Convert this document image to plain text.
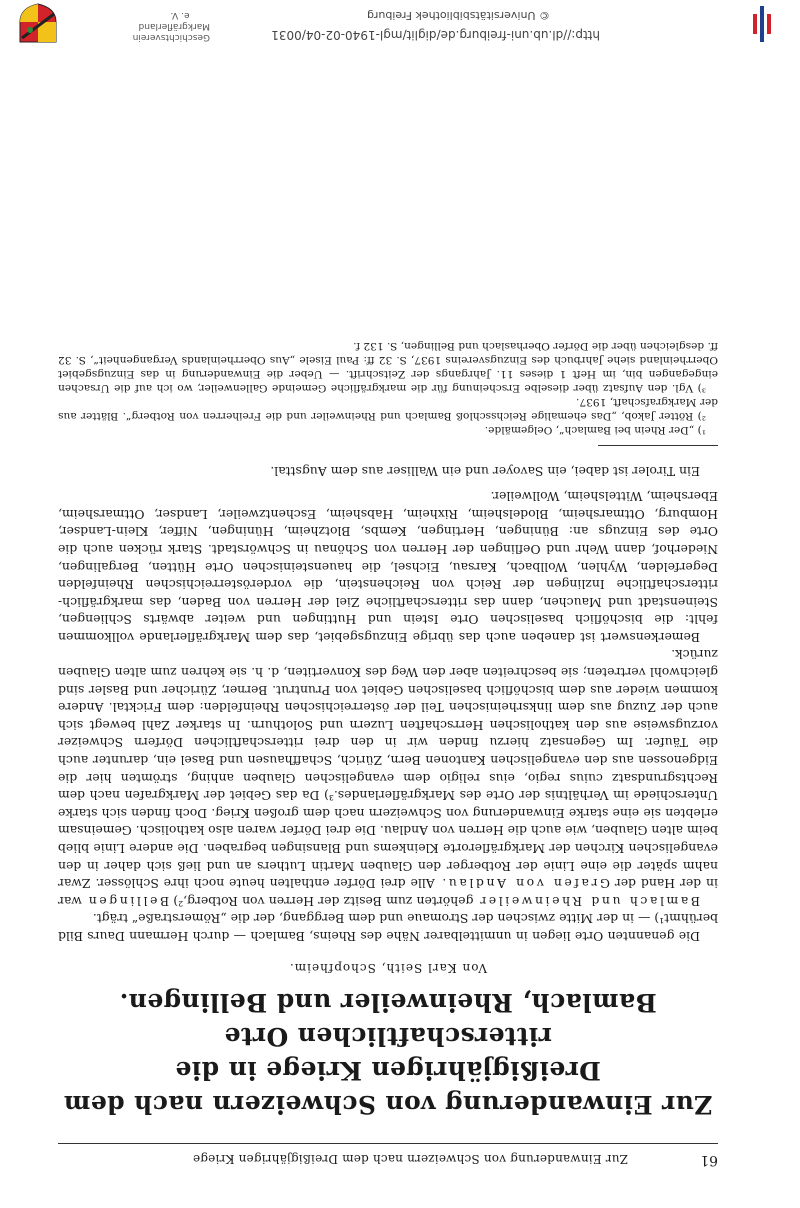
61
Zur Einwanderung von Schweizern nach dem Dreißigjährigen Kriege
Zur Einwanderung von Schweizern nach dem
Dreißigjährigen Kriege in die ritterschaftlichen Orte
Bamlach, Rheinweiler und Bellingen.
Von Karl Seith, Schopfheim.

Die genannten Orte liegen in unmittelbarer Nähe des Rheins, Bamlach — durch Hermann Daurs Bild berühmt¹) — in der Mitte zwischen der Stromaue und dem Berggang, der die „Römerstraße“ trägt.

Bamlach und Rheinweiler gehörten zum Besitz der Herren von Rotberg,²) Bellingen war in der Hand der Grafen von Andlau. Alle drei Dörfer enthalten heute noch ihre Schlösser. Zwar nahm später die eine Linie der Rotberger den Glauben Martin Luthers an und ließ sich daher in den evangelischen Kirchen der Markgräflerorte Kleinkems und Blansingen begraben. Die andere Linie blieb beim alten Glauben, wie auch die Herren von Andlau. Die drei Dörfer waren also katholisch. Gemeinsam erlebten sie eine starke Einwanderung von Schweizern nach dem großen Krieg. Doch finden sich starke Unterschiede im Verhältnis der Orte des Markgräflerlandes.³) Da das Gebiet der Markgrafen nach dem Rechtsgrundsatz cuius regio, eius religio dem evangelischen Glauben anhing, strömten hier die Eidgenossen aus den evangelischen Kantonen Bern, Zürich, Schaffhausen und Basel ein, darunter auch die Täufer. Im Gegensatz hierzu finden wir in den drei ritterschaftlichen Dörfern Schweizer vorzugsweise aus den katholischen Herrschaften Luzern und Solothurn. In starker Zahl bewegt sich auch der Zuzug aus dem linksrheinischen Teil der österreichischen Rheinfelden: dem Fricktal. Andere kommen wieder aus dem bischöflich baselischen Gebiet von Pruntrut. Berner, Züricher und Basler sind gleichwohl vertreten; sie beschreiten aber den Weg des Konvertiten, d. h. sie kehren zum alten Glauben zurück.

Bemerkenswert ist daneben auch das übrige Einzugsgebiet, das dem Markgräflerlande vollkommen fehlt: die bischöflich baselischen Orte Istein und Huttingen und weiter abwärts Schliengen, Steinenstadt und Mauchen, dann das ritterschaftliche Ziel der Herren von Baden, das markgräflich-ritterschaftliche Inzlingen der Reich von Reichenstein, die vorderösterreichischen Rheinfelden Degerfelden, Wyhlen, Wollbach, Karsau, Eichsel, die hauensteinischen Orte Hütten, Bergalingen, Niederhof, dann Wehr und Oeflingen der Herren von Schönau in Schwörstadt. Stark rücken auch die Orte des Einzugs an: Büningen, Hertingen, Kembs, Blotzheim, Hüningen, Niffer, Klein-Landser, Homburg, Ottmarsheim, Blodelsheim, Rixheim, Habsheim, Eschentzweiler, Landser, Ottmarsheim, Ebersheim, Wittelsheim, Wollweiler.

Ein Tiroler ist dabei, ein Savoyer und ein Walliser aus dem Augsttal.

¹) „Der Rhein bei Bamlach“, Oelgemälde.

²) Rötter Jakob, „Das ehemalige Reichsschloß Bamlach und Rheinweiler und die Freiherren von Rotberg“. Blätter aus der Markgrafschaft, 1937.

³) Vgl. den Aufsatz über dieselbe Erscheinung für die markgräfliche Gemeinde Gallenweiler, wo ich auf die Ursachen eingegangen bin, im Heft 1 dieses 11. Jahrgangs der Zeitschrift. — Ueber die Einwanderung in das Einzugsgebiet Oberrheinland siehe Jahrbuch des Einzugsvereins 1937, S. 32 ff: Paul Eisele „Aus Oberrheinlands Vergangenheit“, S. 32 ff. desgleichen über die Dörfer Oberhaslach und Bellingen, S. 132 f.

http://dl.ub.uni-freiburg.de/diglit/mgl-1940-02-04/0031
© Universitätsbibliothek Freiburg
Geschichtsverein
Markgräflerland e. V.
